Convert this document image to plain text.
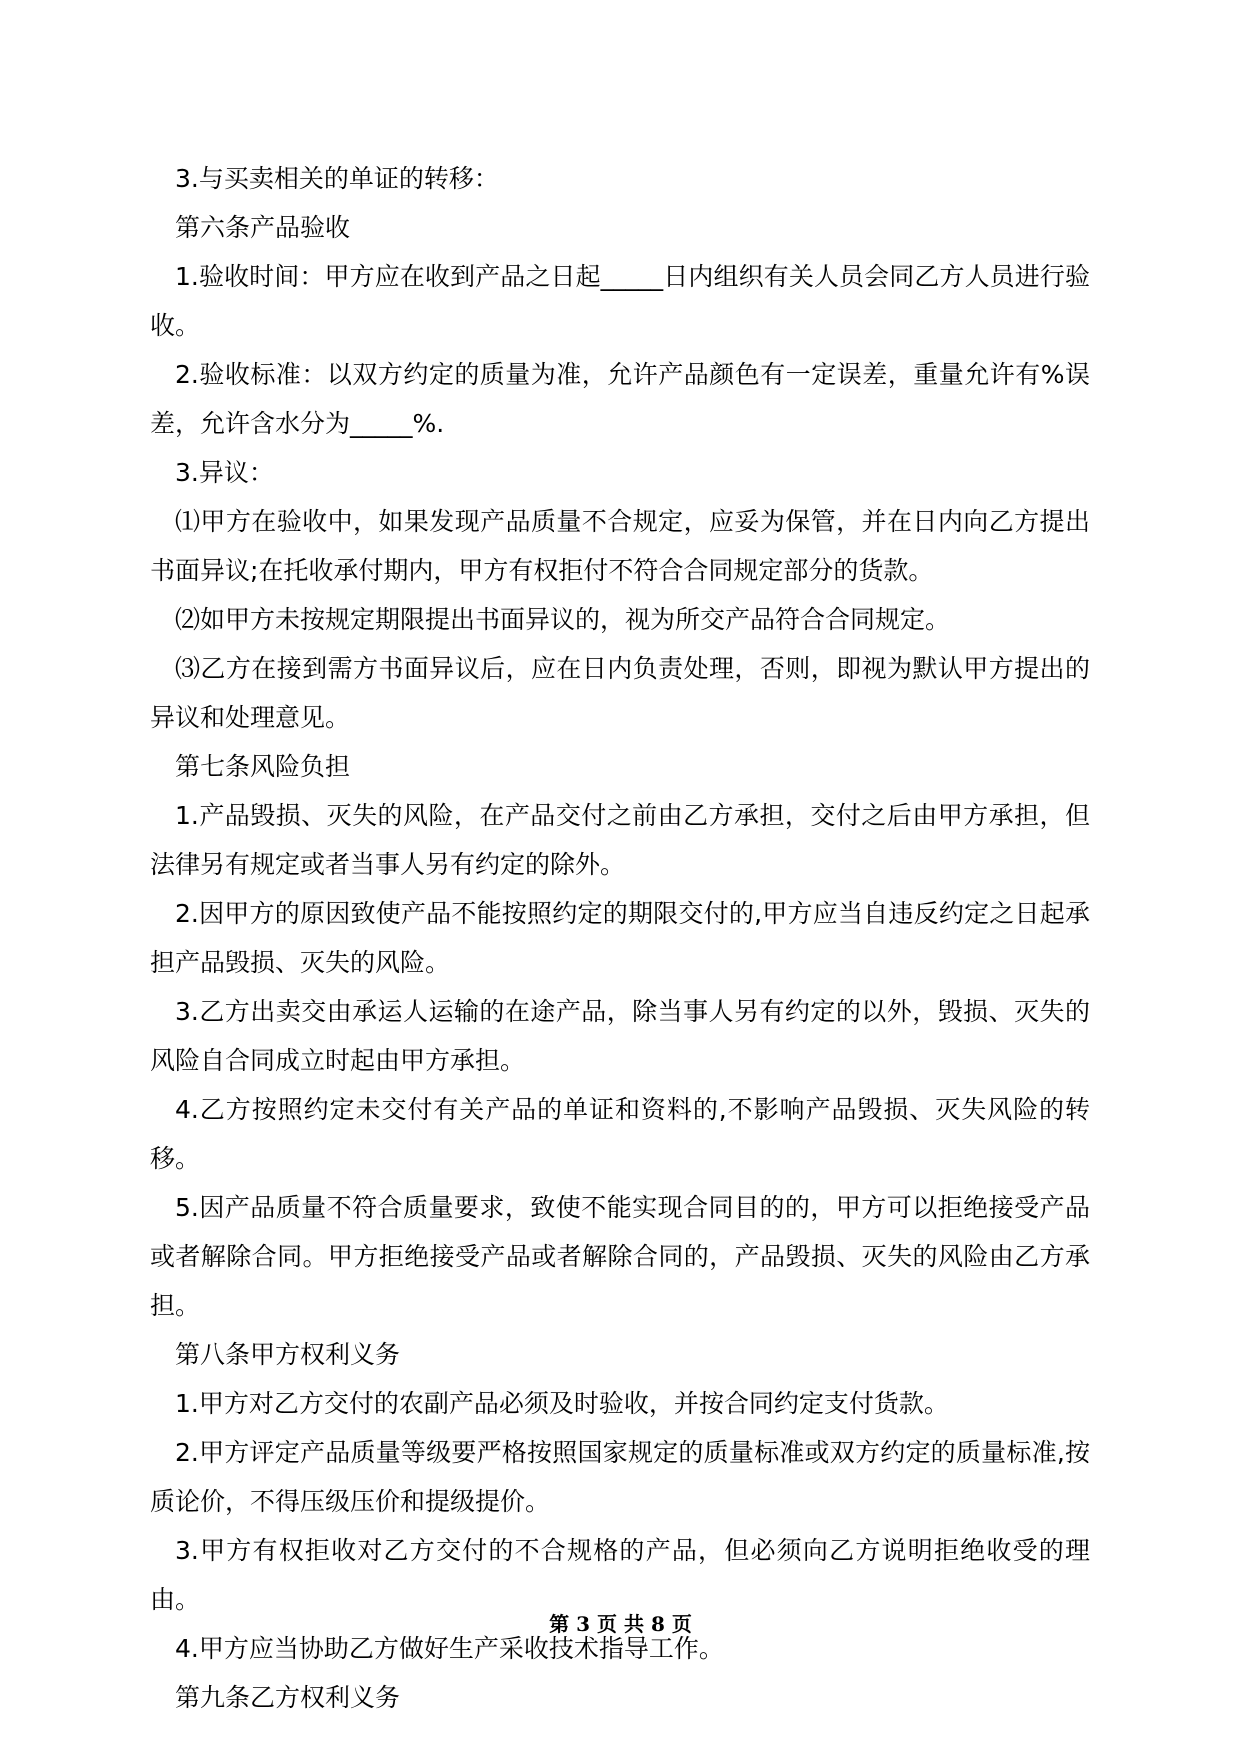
3.与买卖相关的单证的转移：

第六条产品验收

1.验收时间：甲方应在收到产品之日起_____日内组织有关人员会同乙方人员进行验收。

2.验收标准：以双方约定的质量为准，允许产品颜色有一定误差，重量允许有%误差，允许含水分为_____%.

3.异议：

⑴甲方在验收中，如果发现产品质量不合规定，应妥为保管，并在日内向乙方提出书面异议;在托收承付期内，甲方有权拒付不符合合同规定部分的货款。

⑵如甲方未按规定期限提出书面异议的，视为所交产品符合合同规定。

⑶乙方在接到需方书面异议后，应在日内负责处理，否则，即视为默认甲方提出的异议和处理意见。

第七条风险负担

1.产品毁损、灭失的风险，在产品交付之前由乙方承担，交付之后由甲方承担，但法律另有规定或者当事人另有约定的除外。

2.因甲方的原因致使产品不能按照约定的期限交付的,甲方应当自违反约定之日起承担产品毁损、灭失的风险。

3.乙方出卖交由承运人运输的在途产品，除当事人另有约定的以外，毁损、灭失的风险自合同成立时起由甲方承担。

4.乙方按照约定未交付有关产品的单证和资料的,不影响产品毁损、灭失风险的转移。

5.因产品质量不符合质量要求，致使不能实现合同目的的，甲方可以拒绝接受产品或者解除合同。甲方拒绝接受产品或者解除合同的，产品毁损、灭失的风险由乙方承担。

第八条甲方权利义务

1.甲方对乙方交付的农副产品必须及时验收，并按合同约定支付货款。

2.甲方评定产品质量等级要严格按照国家规定的质量标准或双方约定的质量标准,按质论价，不得压级压价和提级提价。

3.甲方有权拒收对乙方交付的不合规格的产品，但必须向乙方说明拒绝收受的理由。

4.甲方应当协助乙方做好生产采收技术指导工作。

第九条乙方权利义务

第 3 页 共 8 页
